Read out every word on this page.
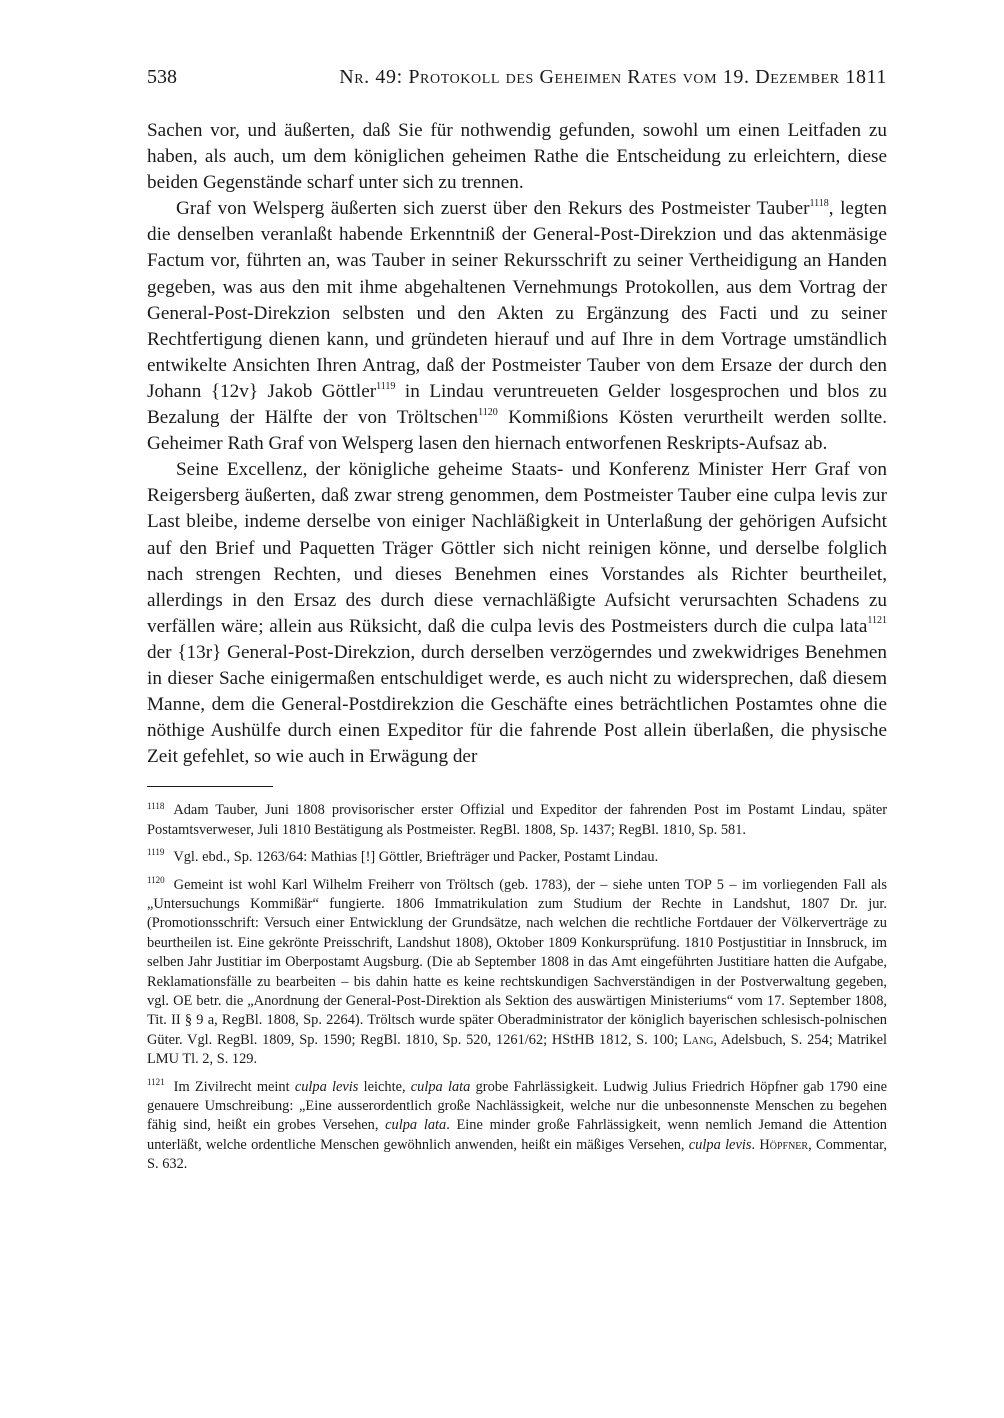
538	Nr. 49: Protokoll des Geheimen Rates vom 19. Dezember 1811

Sachen vor, und äußerten, daß Sie für nothwendig gefunden, sowohl um einen Leitfaden zu haben, als auch, um dem königlichen geheimen Rathe die Entscheidung zu erleichtern, diese beiden Gegenstände scharf unter sich zu trennen.

Graf von Welsperg äußerten sich zuerst über den Rekurs des Postmeister Tauber$^{1118}$, legten die denselben veranlaßt habende Erkenntniß der General-Post-Direkzion und das aktenmäsige Factum vor, führten an, was Tauber in seiner Rekursschrift zu seiner Vertheidigung an Handen gegeben, was aus den mit ihme abgehaltenen Vernehmungs Protokollen, aus dem Vortrag der General-Post-Direkzion selbsten und den Akten zu Ergänzung des Facti und zu seiner Rechtfertigung dienen kann, und gründeten hierauf und auf Ihre in dem Vortrage umständlich entwikelte Ansichten Ihren Antrag, daß der Postmeister Tauber von dem Ersaze der durch den Johann {12v} Jakob Göttler$^{1119}$ in Lindau veruntreueten Gelder losgesprochen und blos zu Bezalung der Hälfte der von Tröltschen$^{1120}$ Kommißions Kösten verurtheilt werden sollte. Geheimer Rath Graf von Welsperg lasen den hiernach entworfenen Reskripts-Aufsaz ab.

Seine Excellenz, der königliche geheime Staats- und Konferenz Minister Herr Graf von Reigersberg äußerten, daß zwar streng genommen, dem Postmeister Tauber eine culpa levis zur Last bleibe, indeme derselbe von einiger Nachläßigkeit in Unterlaßung der gehörigen Aufsicht auf den Brief und Paquetten Träger Göttler sich nicht reinigen könne, und derselbe folglich nach strengen Rechten, und dieses Benehmen eines Vorstandes als Richter beurtheilet, allerdings in den Ersaz des durch diese vernachläßigte Aufsicht verursachten Schadens zu verfällen wäre; allein aus Rüksicht, daß die culpa levis des Postmeisters durch die culpa lata$^{1121}$ der {13r} General-Post-Direkzion, durch derselben verzögerndes und zwekwidriges Benehmen in dieser Sache einigermaßen entschuldiget werde, es auch nicht zu widersprechen, daß diesem Manne, dem die General-Postdirekzion die Geschäfte eines beträchtlichen Postamtes ohne die nöthige Aushülfe durch einen Expeditor für die fahrende Post allein überlaßen, die physische Zeit gefehlet, so wie auch in Erwägung der

$^{1118}$ Adam Tauber, Juni 1808 provisorischer erster Offizial und Expeditor der fahrenden Post im Postamt Lindau, später Postamtsverweser, Juli 1810 Bestätigung als Postmeister. RegBl. 1808, Sp. 1437; RegBl. 1810, Sp. 581.

$^{1119}$ Vgl. ebd., Sp. 1263/64: Mathias [!] Göttler, Briefträger und Packer, Postamt Lindau.

$^{1120}$ Gemeint ist wohl Karl Wilhelm Freiherr von Tröltsch (geb. 1783), der – siehe unten TOP 5 – im vorliegenden Fall als „Untersuchungs Kommißär“ fungierte. 1806 Immatrikulation zum Studium der Rechte in Landshut, 1807 Dr. jur. (Promotionsschrift: Versuch einer Entwicklung der Grundsätze, nach welchen die rechtliche Fortdauer der Völkerverträge zu beurtheilen ist. Eine gekrönte Preisschrift, Landshut 1808), Oktober 1809 Konkursprüfung. 1810 Postjustitiar in Innsbruck, im selben Jahr Justitiar im Oberpostamt Augsburg. (Die ab September 1808 in das Amt eingeführten Justitiare hatten die Aufgabe, Reklamationsfälle zu bearbeiten – bis dahin hatte es keine rechtskundigen Sachverständigen in der Postverwaltung gegeben, vgl. OE betr. die „Anordnung der General-Post-Direktion als Sektion des auswärtigen Ministeriums“ vom 17. September 1808, Tit. II § 9 a, RegBl. 1808, Sp. 2264). Tröltsch wurde später Oberadministrator der königlich bayerischen schlesisch-polnischen Güter. Vgl. RegBl. 1809, Sp. 1590; RegBl. 1810, Sp. 520, 1261/62; HStHB 1812, S. 100; Lang, Adelsbuch, S. 254; Matrikel LMU Tl. 2, S. 129.

$^{1121}$ Im Zivilrecht meint culpa levis leichte, culpa lata grobe Fahrlässigkeit. Ludwig Julius Friedrich Höpfner gab 1790 eine genauere Umschreibung: „Eine ausserordentlich große Nachlässigkeit, welche nur die unbesonnenste Menschen zu begehen fähig sind, heißt ein grobes Versehen, culpa lata. Eine minder große Fahrlässigkeit, wenn nemlich Jemand die Attention unterläßt, welche ordentliche Menschen gewöhnlich anwenden, heißt ein mäßiges Versehen, culpa levis. Höpfner, Commentar, S. 632.
